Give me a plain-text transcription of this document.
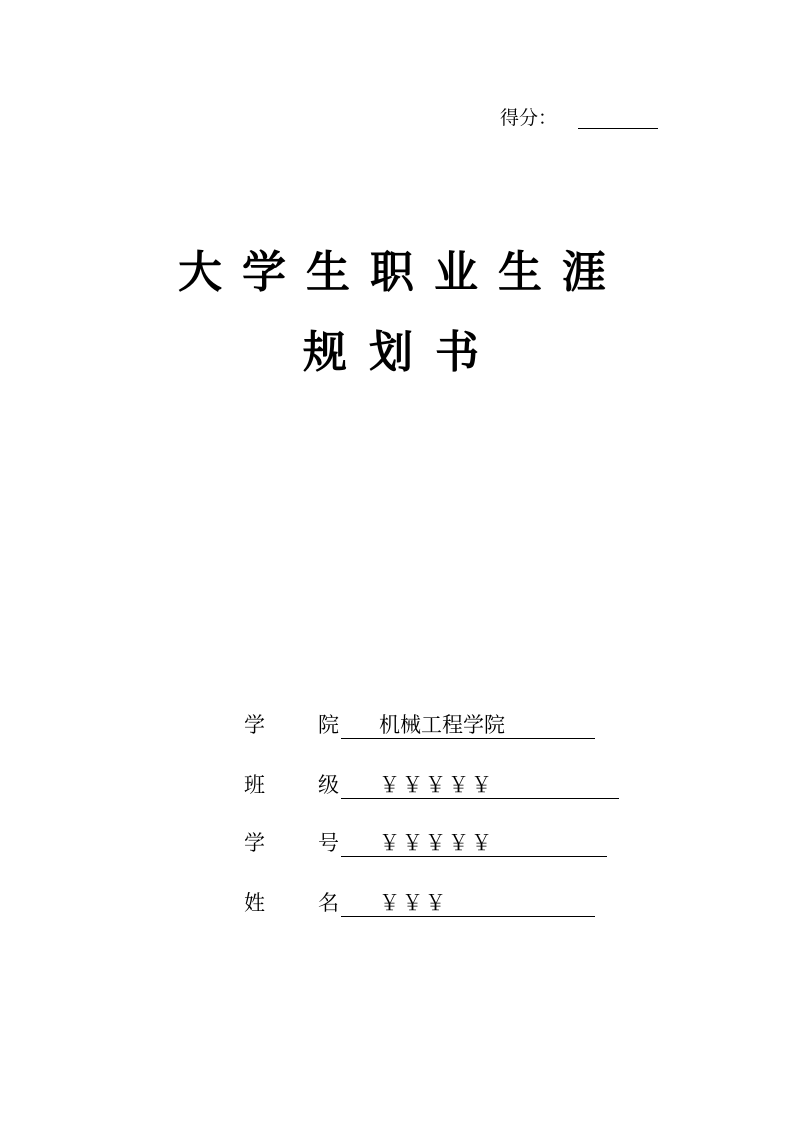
得分：
大学生职业生涯
规划书
学	院	机械工程学院
班	级	￥￥￥￥￥
学	号	￥￥￥￥￥
姓	名	￥￥￥
